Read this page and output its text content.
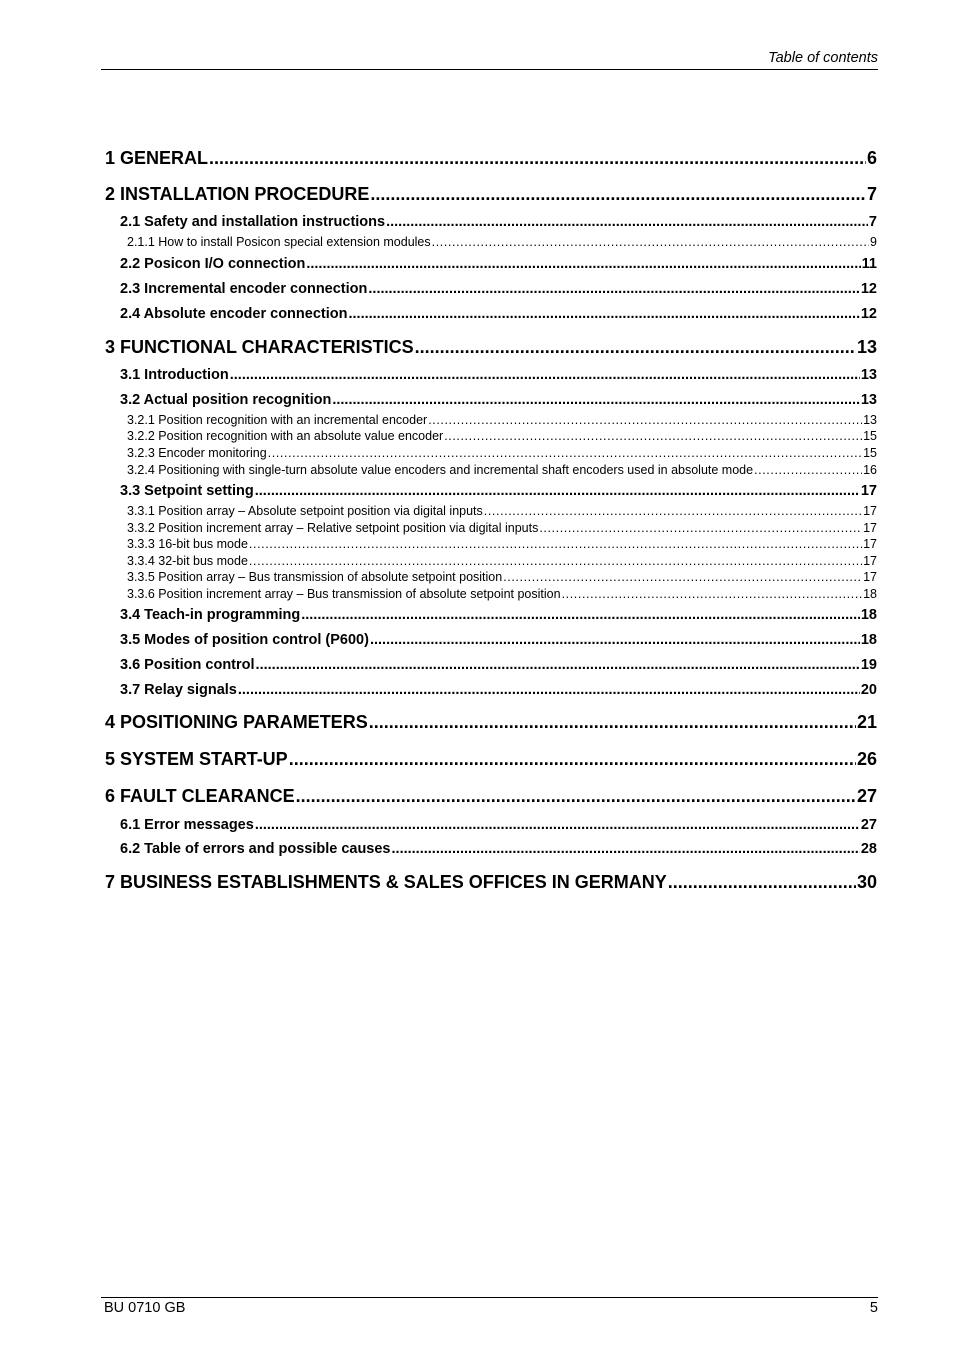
Table of contents
1 GENERAL .....	6
2 INSTALLATION PROCEDURE .....	7
2.1 Safety and installation instructions .....	7
2.1.1 How to install Posicon special extension modules .....	9
2.2 Posicon I/O connection .....	11
2.3 Incremental encoder connection .....	12
2.4 Absolute encoder connection .....	12
3 FUNCTIONAL CHARACTERISTICS .....	13
3.1 Introduction .....	13
3.2 Actual position recognition .....	13
3.2.1 Position recognition with an incremental encoder .....	13
3.2.2 Position recognition with an absolute value encoder .....	15
3.2.3 Encoder monitoring .....	15
3.2.4 Positioning with single-turn absolute value encoders and incremental shaft encoders used in absolute mode .....	16
3.3 Setpoint setting .....	17
3.3.1 Position array – Absolute setpoint position via digital inputs .....	17
3.3.2 Position increment array – Relative setpoint position via digital inputs .....	17
3.3.3 16-bit bus mode .....	17
3.3.4 32-bit bus mode .....	17
3.3.5 Position array – Bus transmission of absolute setpoint position .....	17
3.3.6 Position increment array – Bus transmission of absolute setpoint position .....	18
3.4 Teach-in programming .....	18
3.5 Modes of position control (P600) .....	18
3.6 Position control .....	19
3.7 Relay signals .....	20
4 POSITIONING PARAMETERS .....	21
5 SYSTEM START-UP .....	26
6 FAULT CLEARANCE .....	27
6.1 Error messages .....	27
6.2 Table of errors and possible causes .....	28
7 BUSINESS ESTABLISHMENTS & SALES OFFICES IN GERMANY .....	30
BU 0710 GB	5
